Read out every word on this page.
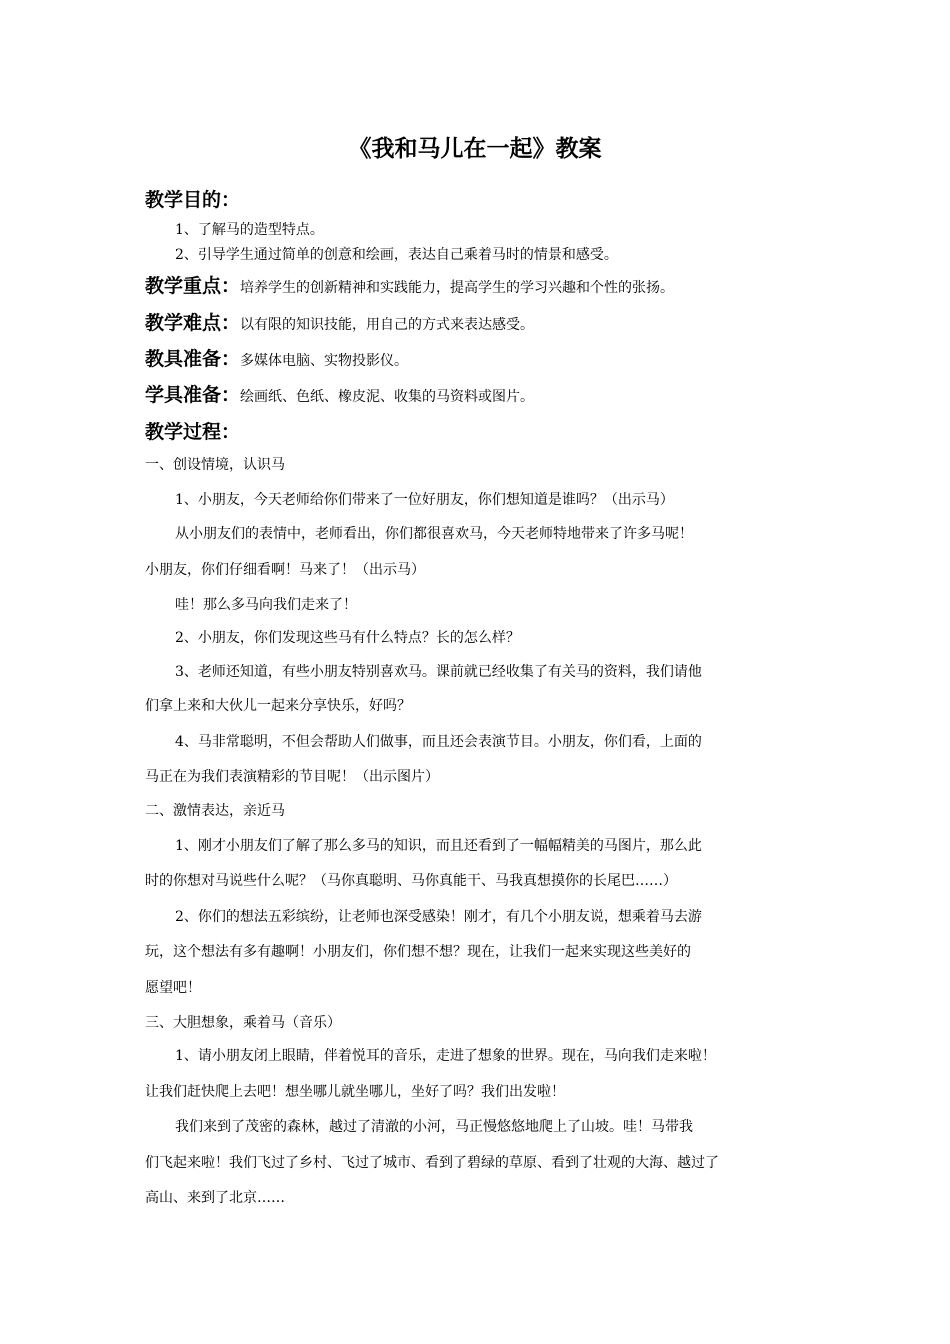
《我和马儿在一起》教案
教学目的：
1、了解马的造型特点。
2、引导学生通过简单的创意和绘画，表达自己乘着马时的情景和感受。
教学重点：培养学生的创新精神和实践能力，提高学生的学习兴趣和个性的张扬。
教学难点：以有限的知识技能，用自己的方式来表达感受。
教具准备：多媒体电脑、实物投影仪。
学具准备：绘画纸、色纸、橡皮泥、收集的马资料或图片。
教学过程：
一、创设情境，认识马
1、小朋友，今天老师给你们带来了一位好朋友，你们想知道是谁吗？（出示马）
从小朋友们的表情中，老师看出，你们都很喜欢马，今天老师特地带来了许多马呢！
小朋友，你们仔细看啊！马来了！（出示马）
哇！那么多马向我们走来了！
2、小朋友，你们发现这些马有什么特点？长的怎么样？
3、老师还知道，有些小朋友特别喜欢马。课前就已经收集了有关马的资料，我们请他
们拿上来和大伙儿一起来分享快乐，好吗？
4、马非常聪明，不但会帮助人们做事，而且还会表演节目。小朋友，你们看，上面的
马正在为我们表演精彩的节目呢！（出示图片）
二、激情表达，亲近马
1、刚才小朋友们了解了那么多马的知识，而且还看到了一幅幅精美的马图片，那么此
时的你想对马说些什么呢？（马你真聪明、马你真能干、马我真想摸你的长尾巴……）
2、你们的想法五彩缤纷，让老师也深受感染！刚才，有几个小朋友说，想乘着马去游
玩，这个想法有多有趣啊！小朋友们，你们想不想？现在，让我们一起来实现这些美好的
愿望吧！
三、大胆想象，乘着马（音乐）
1、请小朋友闭上眼睛，伴着悦耳的音乐，走进了想象的世界。现在，马向我们走来啦！
让我们赶快爬上去吧！想坐哪儿就坐哪儿，坐好了吗？我们出发啦！
我们来到了茂密的森林，越过了清澈的小河，马正慢悠悠地爬上了山坡。哇！马带我
们飞起来啦！我们飞过了乡村、飞过了城市、看到了碧绿的草原、看到了壮观的大海、越过了
高山、来到了北京……
